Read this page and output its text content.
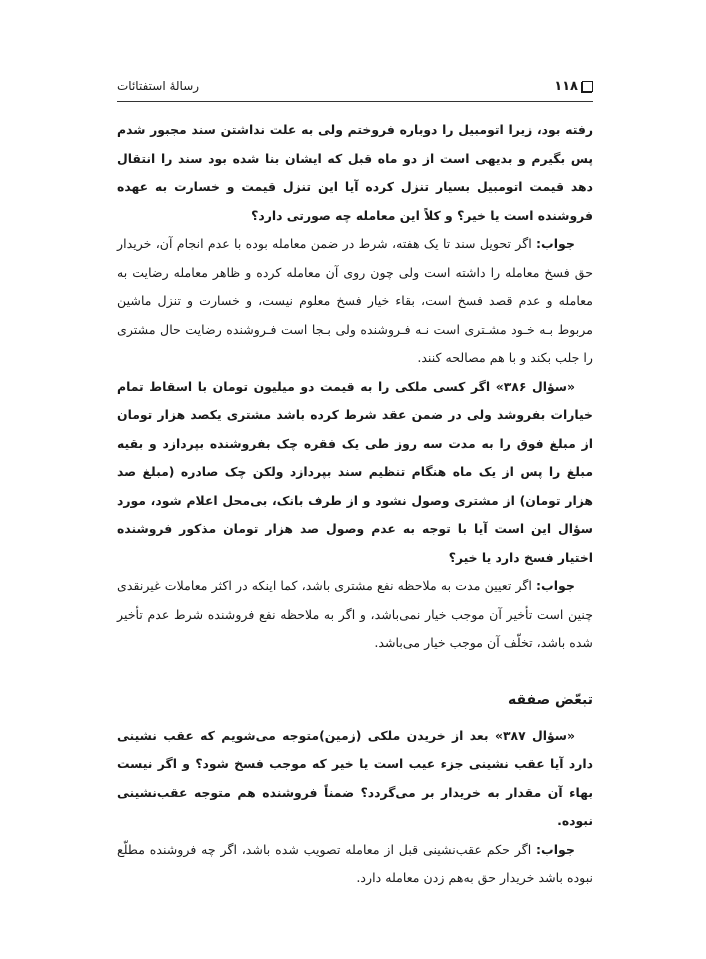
۱۱۸
رسالۀ استفتائات

رفته بود، زیرا اتومبیل را دوباره فروختم ولی به علت نداشتن سند مجبور شدم پس بگیرم و بدیهی است از دو ماه قبل که ایشان بنا شده بود سند را انتقال دهد قیمت اتومبیل بسیار تنزل کرده آیا این تنزل قیمت و خسارت به عهده فروشنده است یا خیر؟ و کلاً این معامله چه صورتی دارد؟

جواب: اگر تحویل سند تا یک هفته، شرط در ضمن معامله بوده با عدم انجام آن، خریدار حق فسخ معامله را داشته است ولی چون روی آن معامله کرده و ظاهر معامله رضایت به معامله و عدم قصد فسخ است، بقاء خیار فسخ معلوم نیست، و خسارت و تنزل ماشین مربوط بـه خـود مشـتری است نـه فـروشنده ولی بـجا است فـروشنده رضایت حال مشتری را جلب بکند و با هم مصالحه کنند.

«سؤال ۳۸۶» اگر کسی ملکی را به قیمت دو میلیون تومان با اسقاط تمام خیارات بفروشد ولی در ضمن عقد شرط کرده باشد مشتری یکصد هزار تومان از مبلغ فوق را به مدت سه روز طی یک فقره چک بفروشنده بپردازد و بقیه مبلغ را پس از یک ماه هنگام تنظیم سند بپردازد ولکن چک صادره (مبلغ صد هزار تومان) از مشتری وصول نشود و از طرف بانک، بی‌محل اعلام شود، مورد سؤال این است آیا با توجه به عدم وصول صد هزار تومان مذکور فروشنده اختیار فسخ دارد یا خیر؟

جواب: اگر تعیین مدت به ملاحظه نفع مشتری باشد، کما اینکه در اکثر معاملات غیرنقدی چنین است تأخیر آن موجب خیار نمی‌باشد، و اگر به ملاحظه نفع فروشنده شرط عدم تأخیر شده باشد، تخلّف آن موجب خیار می‌باشد.

تبعّض صفقه

«سؤال ۳۸۷» بعد از خریدن ملکی (زمین)متوجه می‌شویم که عقب نشینی دارد آیا عقب نشینی جزء عیب است یا خیر که موجب فسخ شود؟ و اگر نیست بهاء آن مقدار به خریدار بر می‌گردد؟ ضمناً فروشنده هم متوجه عقب‌نشینی نبوده.

جواب: اگر حکم عقب‌نشینی قبل از معامله تصویب شده باشد، اگر چه فروشنده مطلّع نبوده باشد خریدار حق به‌هم زدن معامله دارد.
